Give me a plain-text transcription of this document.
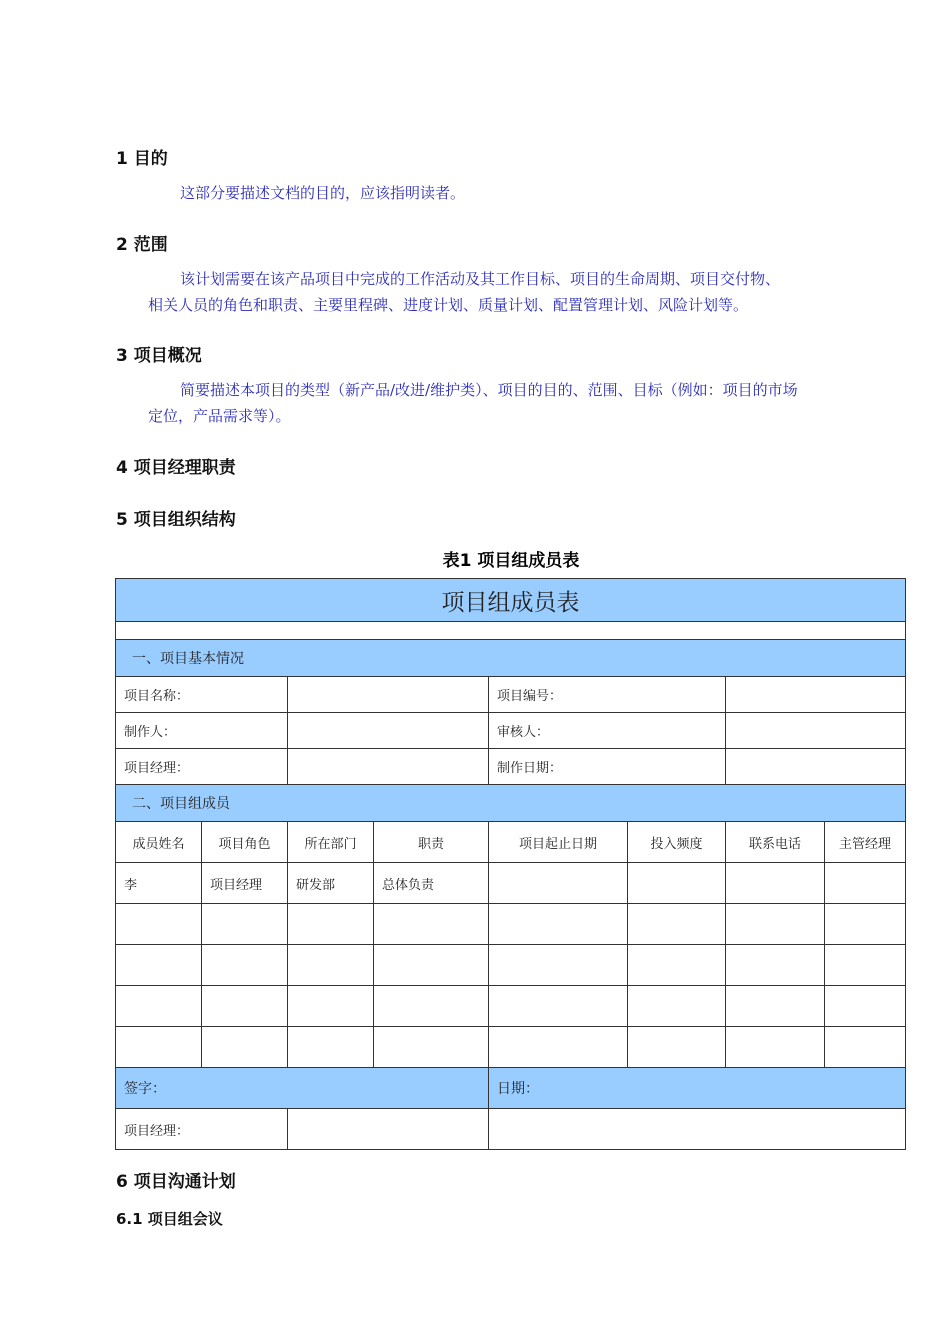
1 目的
这部分要描述文档的目的，应该指明读者。
2 范围
该计划需要在该产品项目中完成的工作活动及其工作目标、项目的生命周期、项目交付物、
相关人员的角色和职责、主要里程碑、进度计划、质量计划、配置管理计划、风险计划等。
3 项目概况
简要描述本项目的类型（新产品/改进/维护类）、项目的目的、范围、目标（例如：项目的市场
定位，产品需求等）。
4 项目经理职责
5 项目组织结构
表1 项目组成员表
项目组成员表							

一、项目基本情况							
项目名称：				项目编号：			
制作人：				审核人：			
项目经理：				制作日期：			
二、项目组成员							
成员姓名	项目角色	所在部门	职责	项目起止日期	投入频度	联系电话	主管经理
李	项目经理	研发部	总体负责				

签字：				日期：			
项目经理：							
6 项目沟通计划
6.1 项目组会议
